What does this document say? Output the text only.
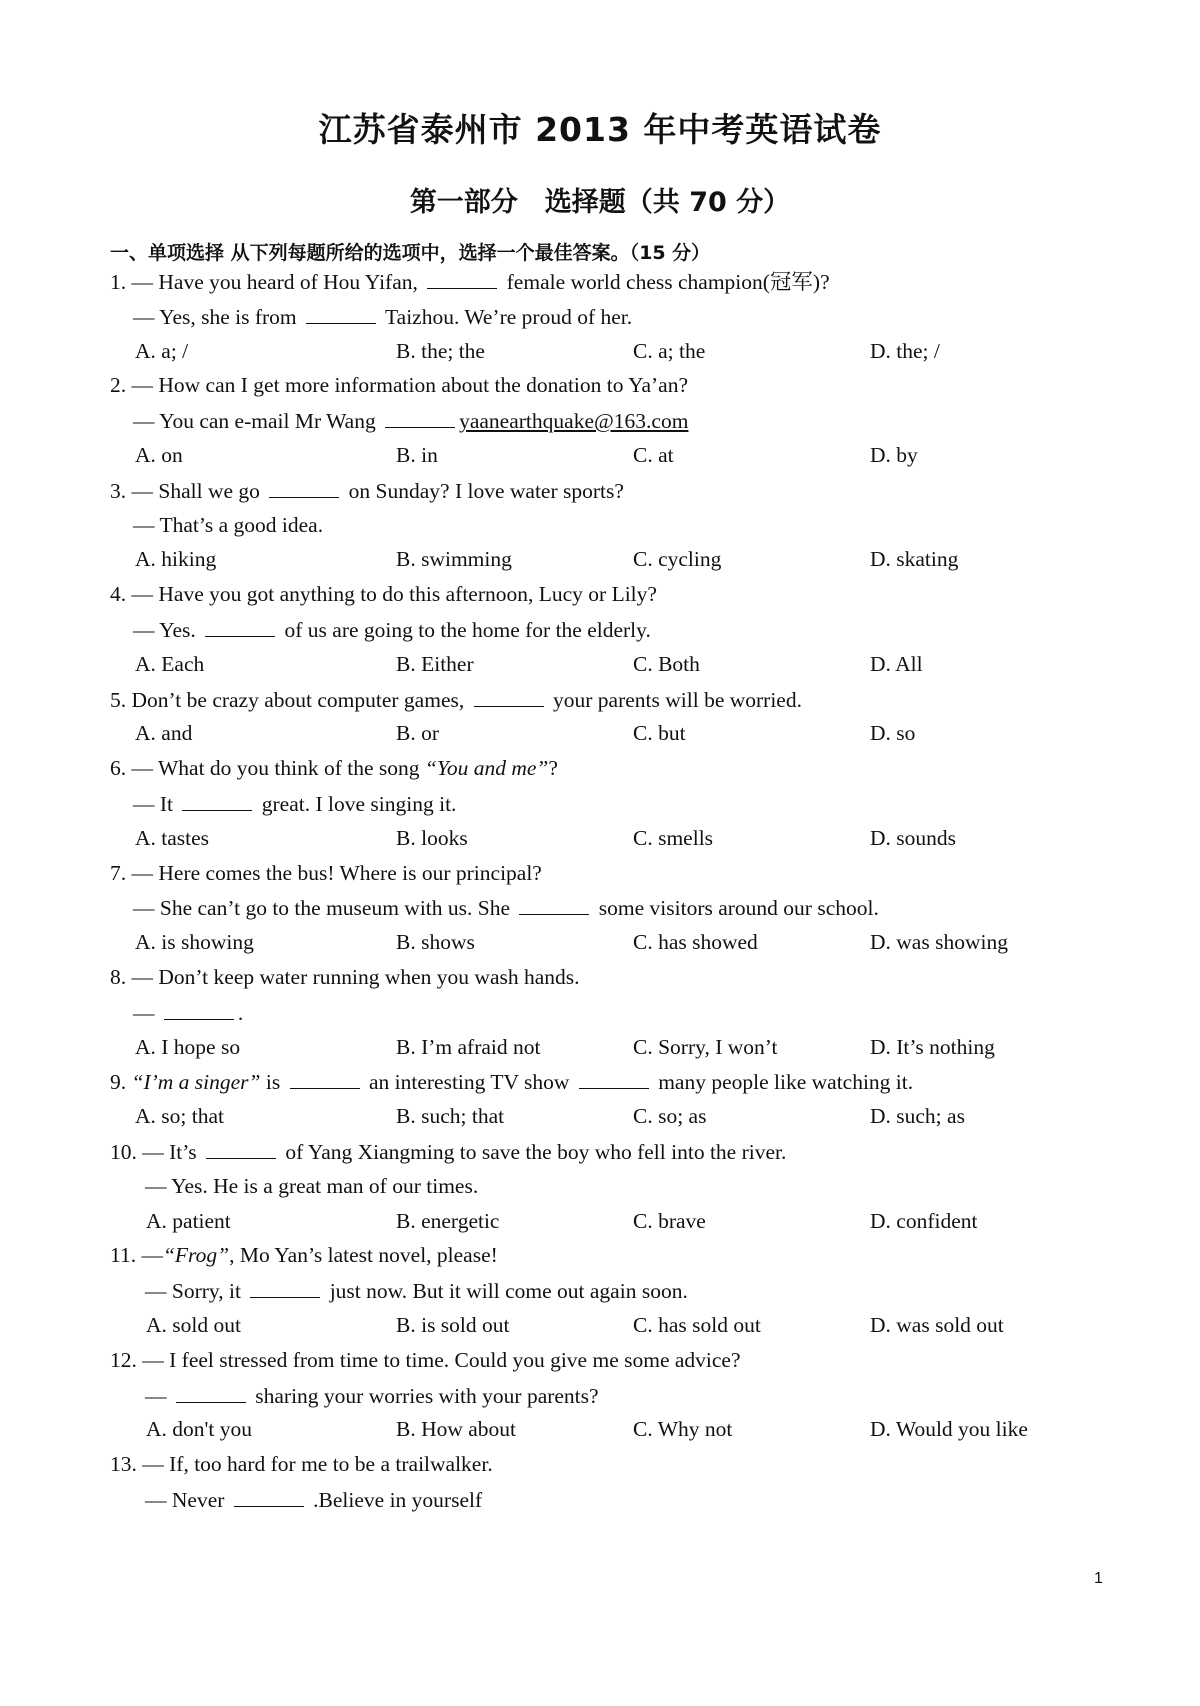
江苏省泰州市 2013 年中考英语试卷
第一部分　选择题（共 70 分）
一、单项选择 从下列每题所给的选项中，选择一个最佳答案。（15 分）
1. — Have you heard of Hou Yifan,	female world chess champion(冠军)?
— Yes, she is from	Taizhou. We’re proud of her.
A. a; /	B. the; the	C. a; the	D. the; /
2. — How can I get more information about the donation to Ya’an?
— You can e-mail Mr Wang	yaanearthquake@163.com
A. on	B. in	C. at	D. by
3. — Shall we go	on Sunday? I love water sports?
— That’s a good idea.
A. hiking	B. swimming	C. cycling	D. skating
4. — Have you got anything to do this afternoon, Lucy or Lily?
— Yes.	of us are going to the home for the elderly.
A. Each	B. Either	C. Both	D. All
5. Don’t be crazy about computer games,	your parents will be worried.
A. and	B. or	C. but	D. so
6. — What do you think of the song “You and me”?
— It	great. I love singing it.
A. tastes	B. looks	C. smells	D. sounds
7. — Here comes the bus! Where is our principal?
— She can’t go to the museum with us. She	some visitors around our school.
A. is showing	B. shows	C. has showed	D. was showing
8. — Don’t keep water running when you wash hands.
—	.
A. I hope so	B. I’m afraid not	C. Sorry, I won’t	D. It’s nothing
9. “I’m a singer” is	an interesting TV show	many people like watching it.
A. so; that	B. such; that	C. so; as	D. such; as
10. — It’s	of Yang Xiangming to save the boy who fell into the river.
— Yes. He is a great man of our times.
A. patient	B. energetic	C. brave	D. confident
11. —“Frog”, Mo Yan’s latest novel, please!
— Sorry, it	just now. But it will come out again soon.
A. sold out	B. is sold out	C. has sold out	D. was sold out
12. — I feel stressed from time to time. Could you give me some advice?
—	sharing your worries with your parents?
A. don't you	B. How about	C. Why not	D. Would you like
13. — If, too hard for me to be a trailwalker.
— Never	.Believe in yourself
1
